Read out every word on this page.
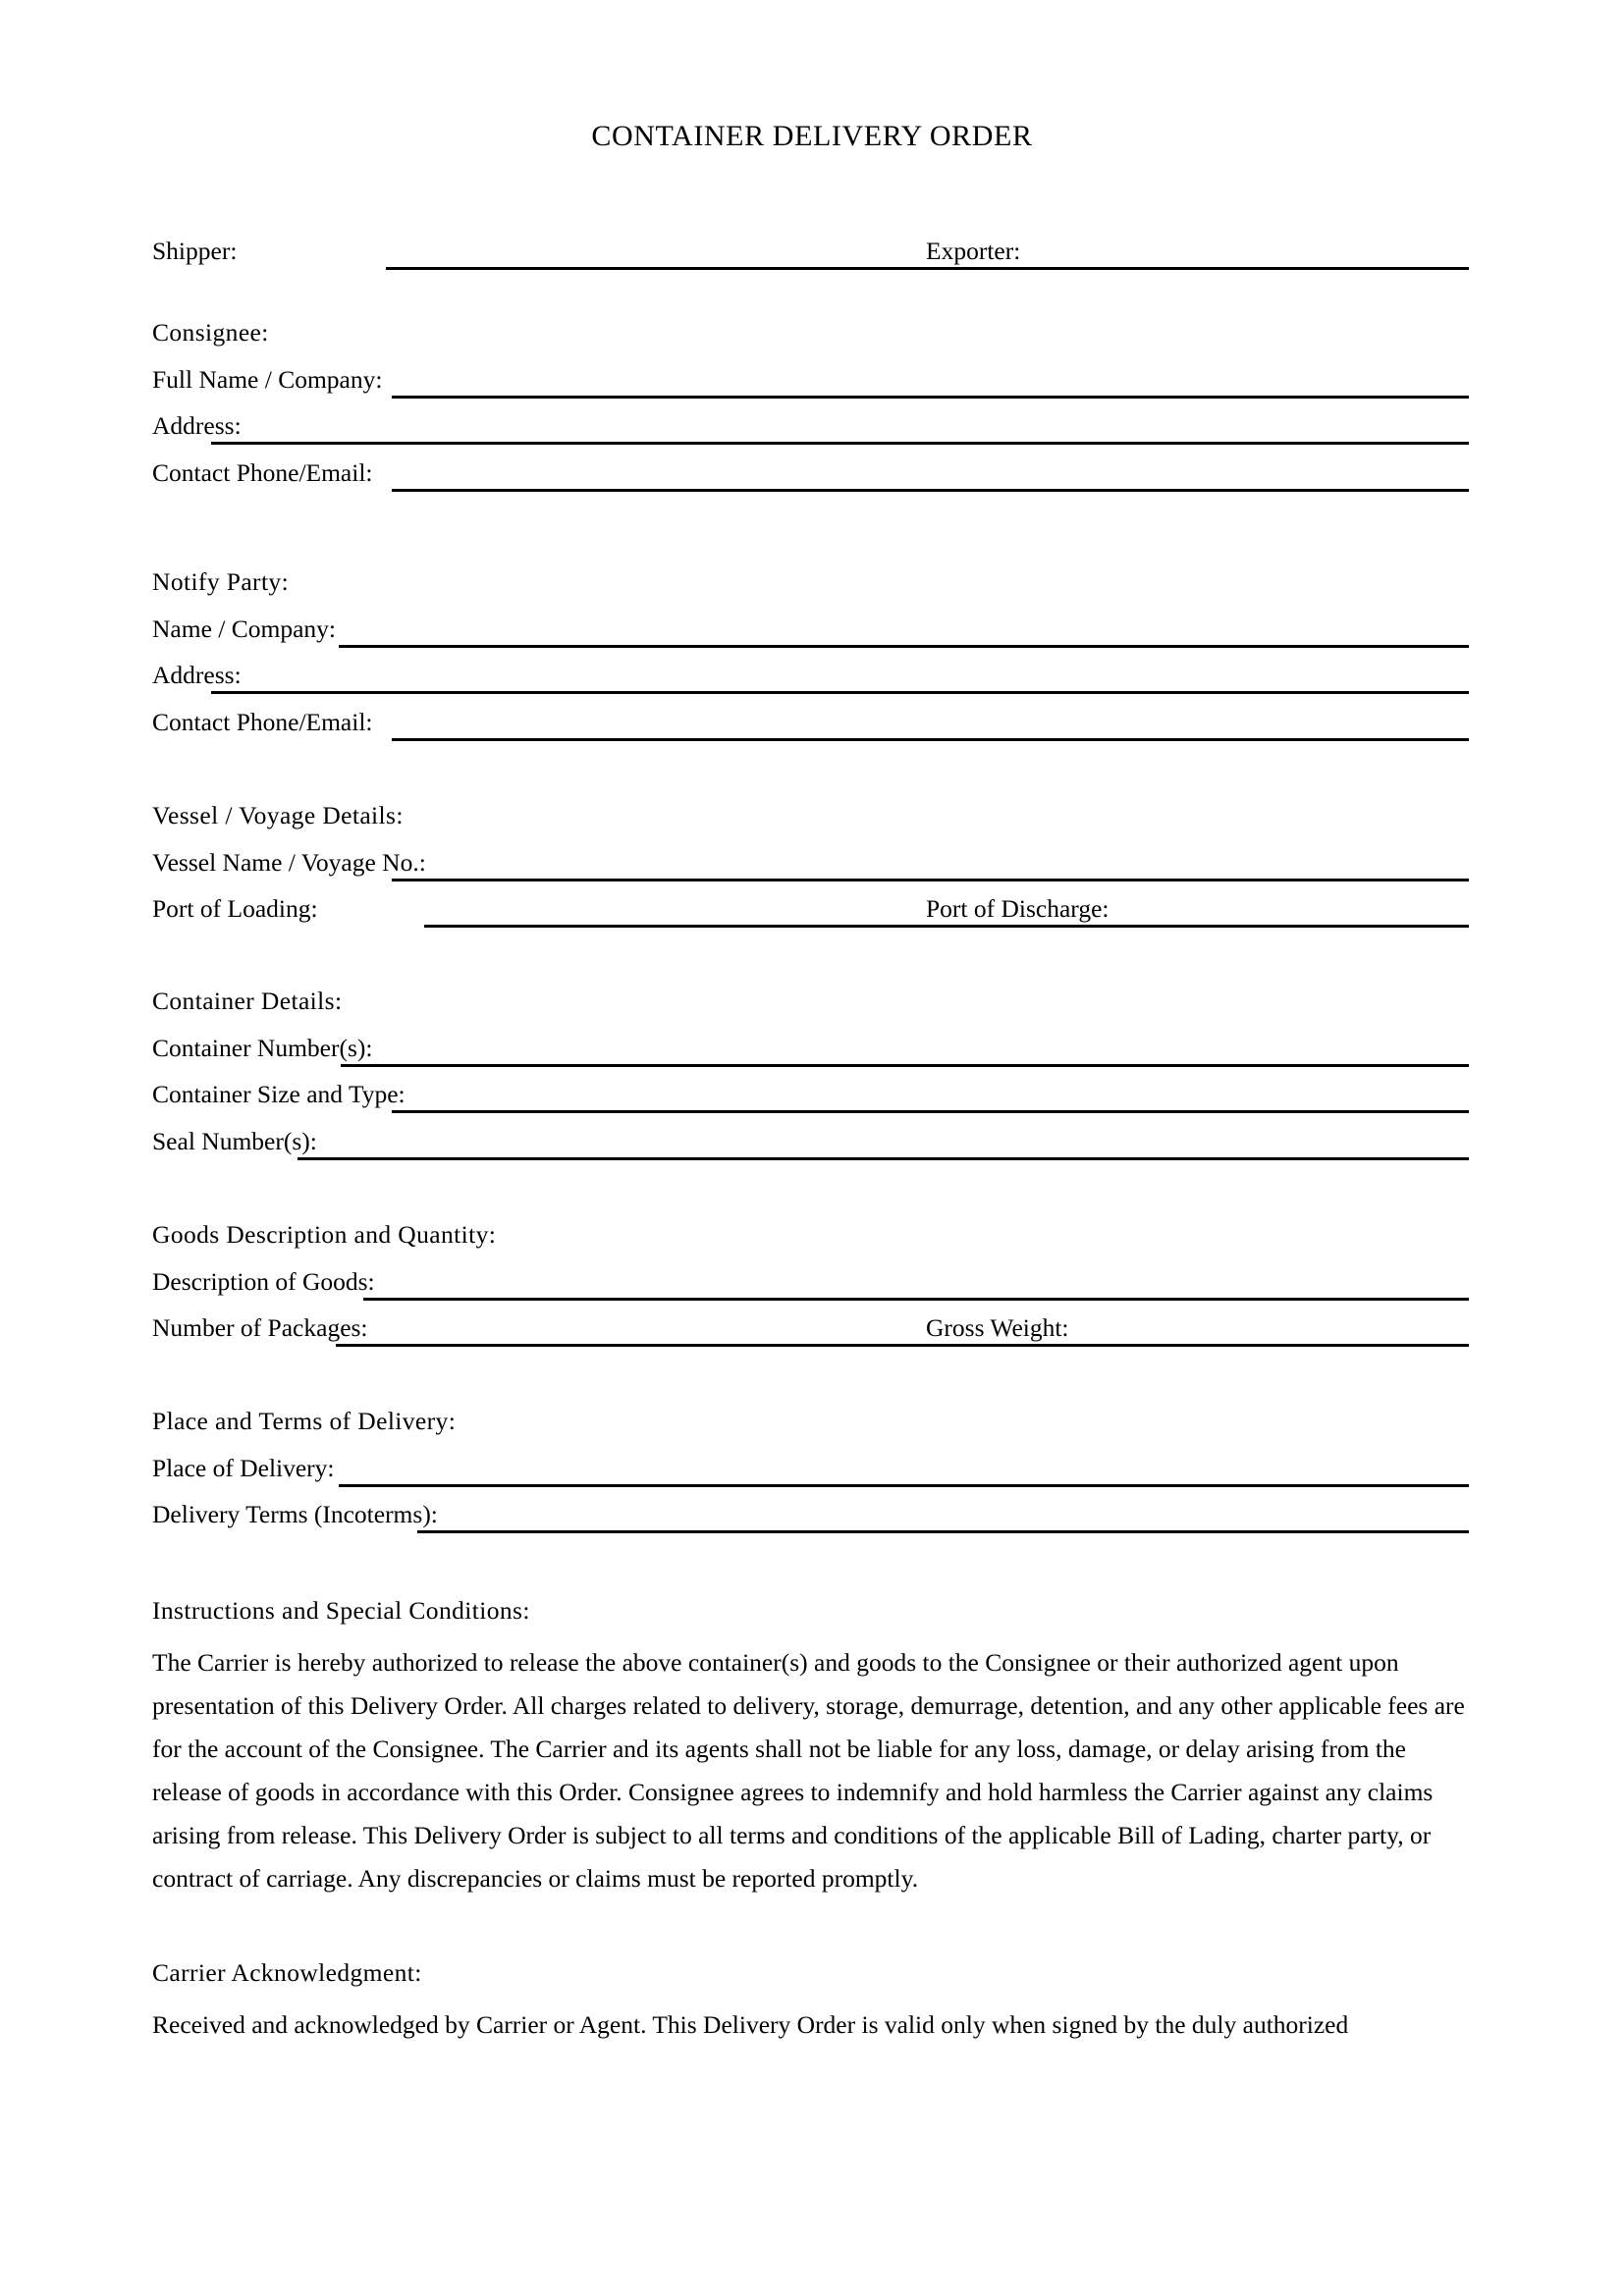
CONTAINER DELIVERY ORDER
Shipper:	Exporter:
Consignee:
Full Name / Company:
Address:
Contact Phone/Email:
Notify Party:
Name / Company:
Address:
Contact Phone/Email:
Vessel / Voyage Details:
Vessel Name / Voyage No.:
Port of Loading:	Port of Discharge:
Container Details:
Container Number(s):
Container Size and Type:
Seal Number(s):
Goods Description and Quantity:
Description of Goods:
Number of Packages:	Gross Weight:
Place and Terms of Delivery:
Place of Delivery:
Delivery Terms (Incoterms):
Instructions and Special Conditions:

The Carrier is hereby authorized to release the above container(s) and goods to the Consignee or their authorized agent upon presentation of this Delivery Order. All charges related to delivery, storage, demurrage, detention, and any other applicable fees are for the account of the Consignee. The Carrier and its agents shall not be liable for any loss, damage, or delay arising from the release of goods in accordance with this Order. Consignee agrees to indemnify and hold harmless the Carrier against any claims arising from release. This Delivery Order is subject to all terms and conditions of the applicable Bill of Lading, charter party, or contract of carriage. Any discrepancies or claims must be reported promptly.

Carrier Acknowledgment:

Received and acknowledged by Carrier or Agent. This Delivery Order is valid only when signed by the duly authorized
